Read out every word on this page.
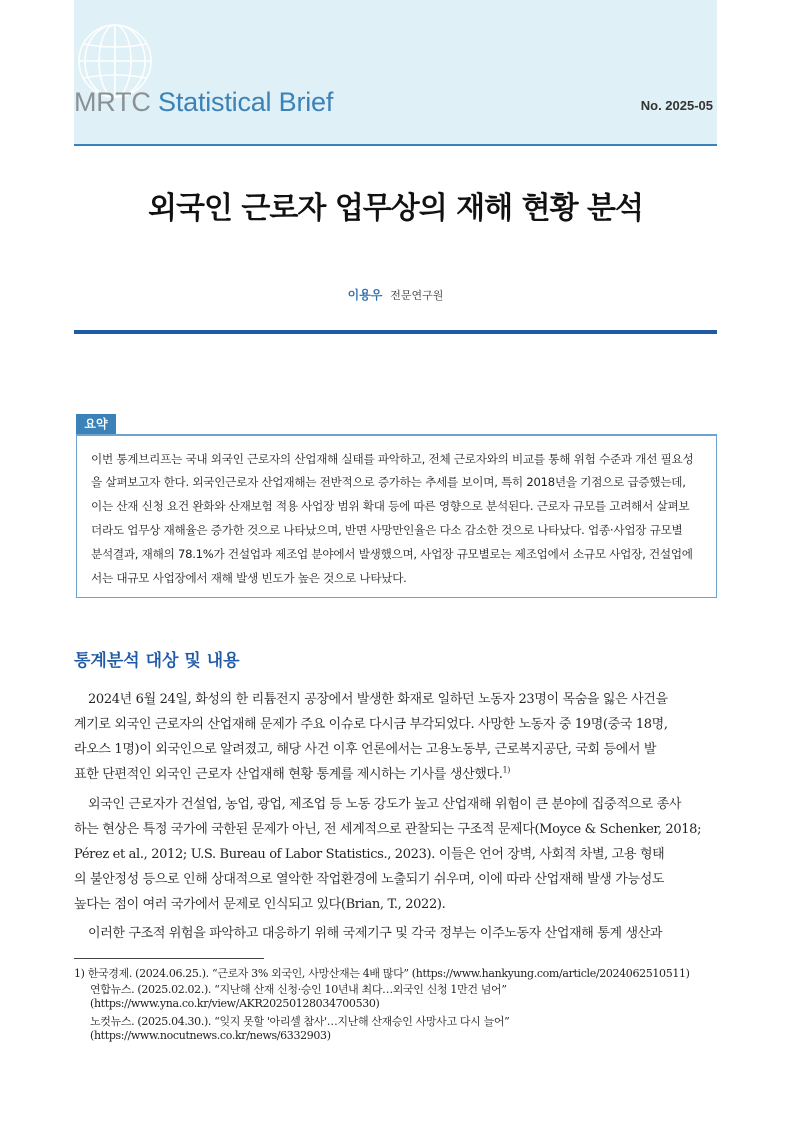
MRTC Statistical Brief	No. 2025-05
외국인 근로자 업무상의 재해 현황 분석
이용우 전문연구원
요약
이번 통계브리프는 국내 외국인 근로자의 산업재해 실태를 파악하고, 전체 근로자와의 비교를 통해 위험 수준과 개선 필요성
을 살펴보고자 한다. 외국인근로자 산업재해는 전반적으로 증가하는 추세를 보이며, 특히 2018년을 기점으로 급증했는데,
이는 산재 신청 요건 완화와 산재보험 적용 사업장 범위 확대 등에 따른 영향으로 분석된다. 근로자 규모를 고려해서 살펴보
더라도 업무상 재해율은 증가한 것으로 나타났으며, 반면 사망만인율은 다소 감소한 것으로 나타났다. 업종·사업장 규모별
분석결과, 재해의 78.1%가 건설업과 제조업 분야에서 발생했으며, 사업장 규모별로는 제조업에서 소규모 사업장, 건설업에
서는 대규모 사업장에서 재해 발생 빈도가 높은 것으로 나타났다.
통계분석 대상 및 내용
2024년 6월 24일, 화성의 한 리튬전지 공장에서 발생한 화재로 일하던 노동자 23명이 목숨을 잃은 사건을
계기로 외국인 근로자의 산업재해 문제가 주요 이슈로 다시금 부각되었다. 사망한 노동자 중 19명(중국 18명,
라오스 1명)이 외국인으로 알려졌고, 해당 사건 이후 언론에서는 고용노동부, 근로복지공단, 국회 등에서 발
표한 단편적인 외국인 근로자 산업재해 현황 통계를 제시하는 기사를 생산했다.$^{1)}$
외국인 근로자가 건설업, 농업, 광업, 제조업 등 노동 강도가 높고 산업재해 위험이 큰 분야에 집중적으로 종사
하는 현상은 특정 국가에 국한된 문제가 아닌, 전 세계적으로 관찰되는 구조적 문제다(Moyce & Schenker, 2018;
Pérez et al., 2012; U.S. Bureau of Labor Statistics., 2023). 이들은 언어 장벽, 사회적 차별, 고용 형태
의 불안정성 등으로 인해 상대적으로 열악한 작업환경에 노출되기 쉬우며, 이에 따라 산업재해 발생 가능성도
높다는 점이 여러 국가에서 문제로 인식되고 있다(Brian, T., 2022).
이러한 구조적 위험을 파악하고 대응하기 위해 국제기구 및 각국 정부는 이주노동자 산업재해 통계 생산과
1) 한국경제. (2024.06.25.). “근로자 3% 외국인, 사망산재는 4배 많다” (https://www.hankyung.com/article/2024062510511)
연합뉴스. (2025.02.02.). “지난해 산재 신청·승인 10년내 최다…외국인 신청 1만건 넘어”
(https://www.yna.co.kr/view/AKR20250128034700530)
노컷뉴스. (2025.04.30.). “잊지 못할 '아리셀 참사'…지난해 산재승인 사망사고 다시 늘어”
(https://www.nocutnews.co.kr/news/6332903)
